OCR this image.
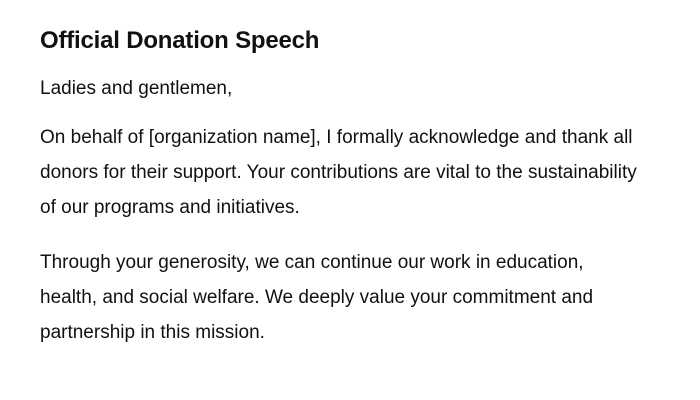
Official Donation Speech

Ladies and gentlemen,

On behalf of [organization name], I formally acknowledge and thank all donors for their support. Your contributions are vital to the sustainability of our programs and initiatives.

Through your generosity, we can continue our work in education, health, and social welfare. We deeply value your commitment and partnership in this mission.
